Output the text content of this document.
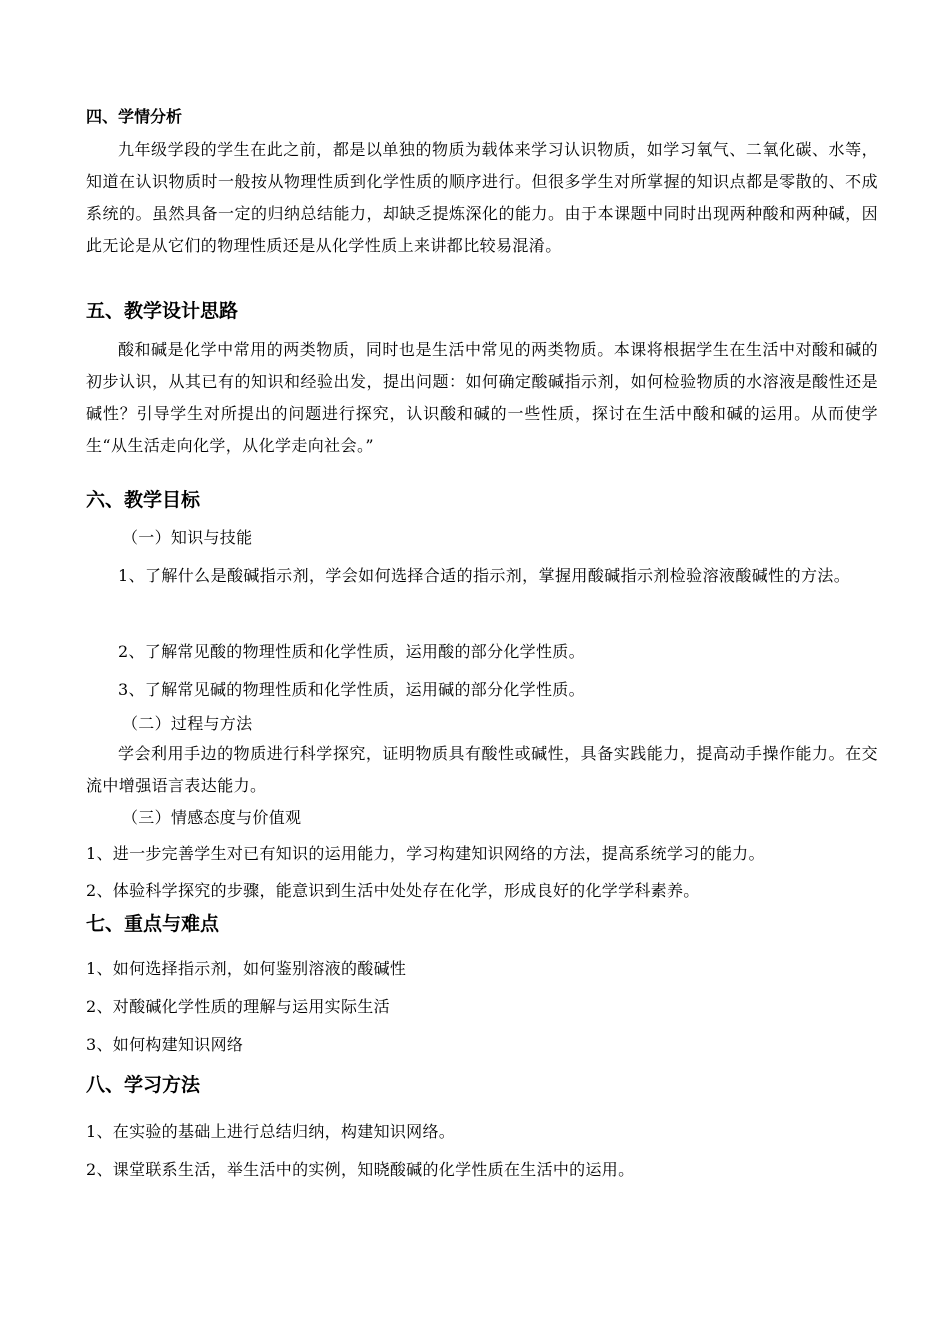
四、学情分析

九年级学段的学生在此之前，都是以单独的物质为载体来学习认识物质，如学习氧气、二氧化碳、水等，知道在认识物质时一般按从物理性质到化学性质的顺序进行。但很多学生对所掌握的知识点都是零散的、不成系统的。虽然具备一定的归纳总结能力，却缺乏提炼深化的能力。由于本课题中同时出现两种酸和两种碱，因此无论是从它们的物理性质还是从化学性质上来讲都比较易混淆。

五、教学设计思路

酸和碱是化学中常用的两类物质，同时也是生活中常见的两类物质。本课将根据学生在生活中对酸和碱的初步认识，从其已有的知识和经验出发，提出问题：如何确定酸碱指示剂，如何检验物质的水溶液是酸性还是碱性？引导学生对所提出的问题进行探究，认识酸和碱的一些性质，探讨在生活中酸和碱的运用。从而使学生“从生活走向化学，从化学走向社会。”

六、教学目标
（一）知识与技能

1、了解什么是酸碱指示剂，学会如何选择合适的指示剂，掌握用酸碱指示剂检验溶液酸碱性的方法。

2、了解常见酸的物理性质和化学性质，运用酸的部分化学性质。
3、了解常见碱的物理性质和化学性质，运用碱的部分化学性质。
（二）过程与方法

学会利用手边的物质进行科学探究，证明物质具有酸性或碱性，具备实践能力，提高动手操作能力。在交流中增强语言表达能力。

（三）情感态度与价值观
1、进一步完善学生对已有知识的运用能力，学习构建知识网络的方法，提高系统学习的能力。
2、体验科学探究的步骤，能意识到生活中处处存在化学，形成良好的化学学科素养。
七、重点与难点
1、如何选择指示剂，如何鉴别溶液的酸碱性
2、对酸碱化学性质的理解与运用实际生活
3、如何构建知识网络
八、学习方法
1、在实验的基础上进行总结归纳，构建知识网络。
2、课堂联系生活，举生活中的实例，知晓酸碱的化学性质在生活中的运用。
